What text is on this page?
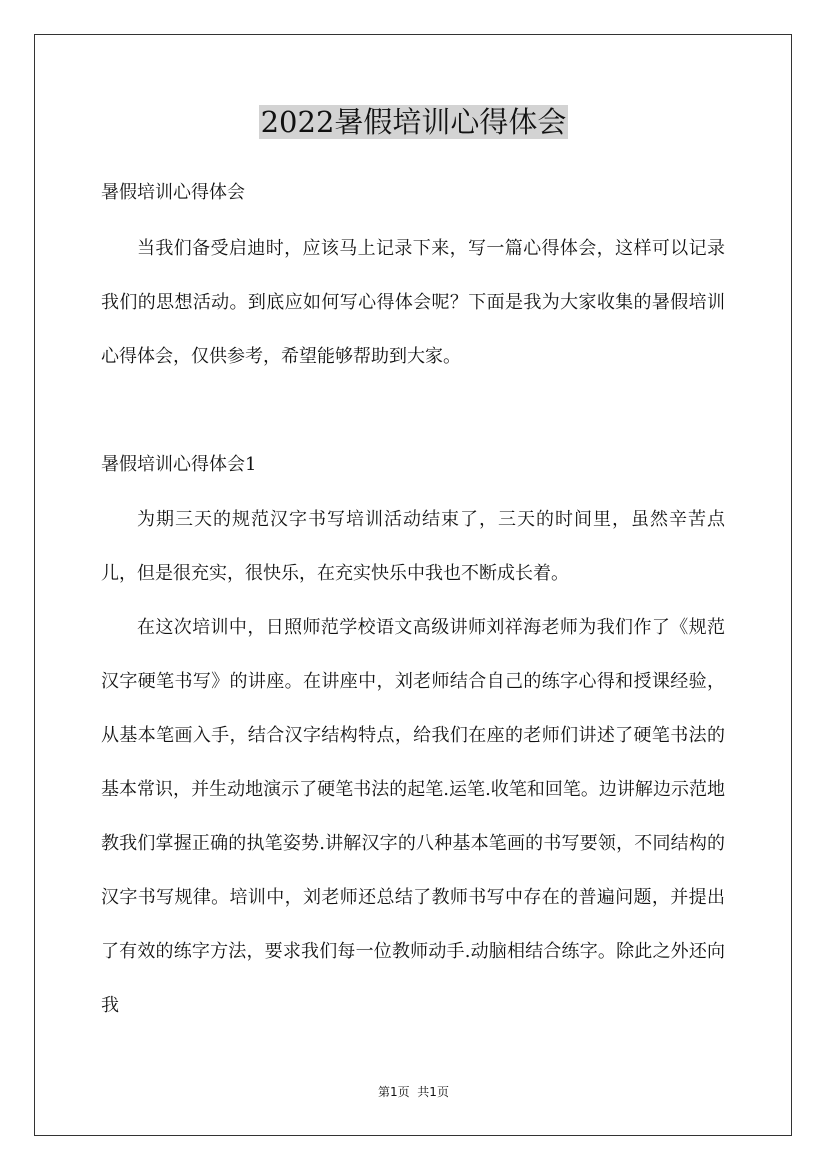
2022暑假培训心得体会

暑假培训心得体会

当我们备受启迪时，应该马上记录下来，写一篇心得体会，这样可以记录我们的思想活动。到底应如何写心得体会呢？下面是我为大家收集的暑假培训心得体会，仅供参考，希望能够帮助到大家。

暑假培训心得体会1

为期三天的规范汉字书写培训活动结束了，三天的时间里，虽然辛苦点儿，但是很充实，很快乐，在充实快乐中我也不断成长着。

在这次培训中，日照师范学校语文高级讲师刘祥海老师为我们作了《规范汉字硬笔书写》的讲座。在讲座中，刘老师结合自己的练字心得和授课经验，从基本笔画入手，结合汉字结构特点，给我们在座的老师们讲述了硬笔书法的基本常识，并生动地演示了硬笔书法的起笔.运笔.收笔和回笔。边讲解边示范地教我们掌握正确的执笔姿势.讲解汉字的八种基本笔画的书写要领，不同结构的汉字书写规律。培训中，刘老师还总结了教师书写中存在的普遍问题，并提出了有效的练字方法，要求我们每一位教师动手.动脑相结合练字。除此之外还向我

第1页  共1页
